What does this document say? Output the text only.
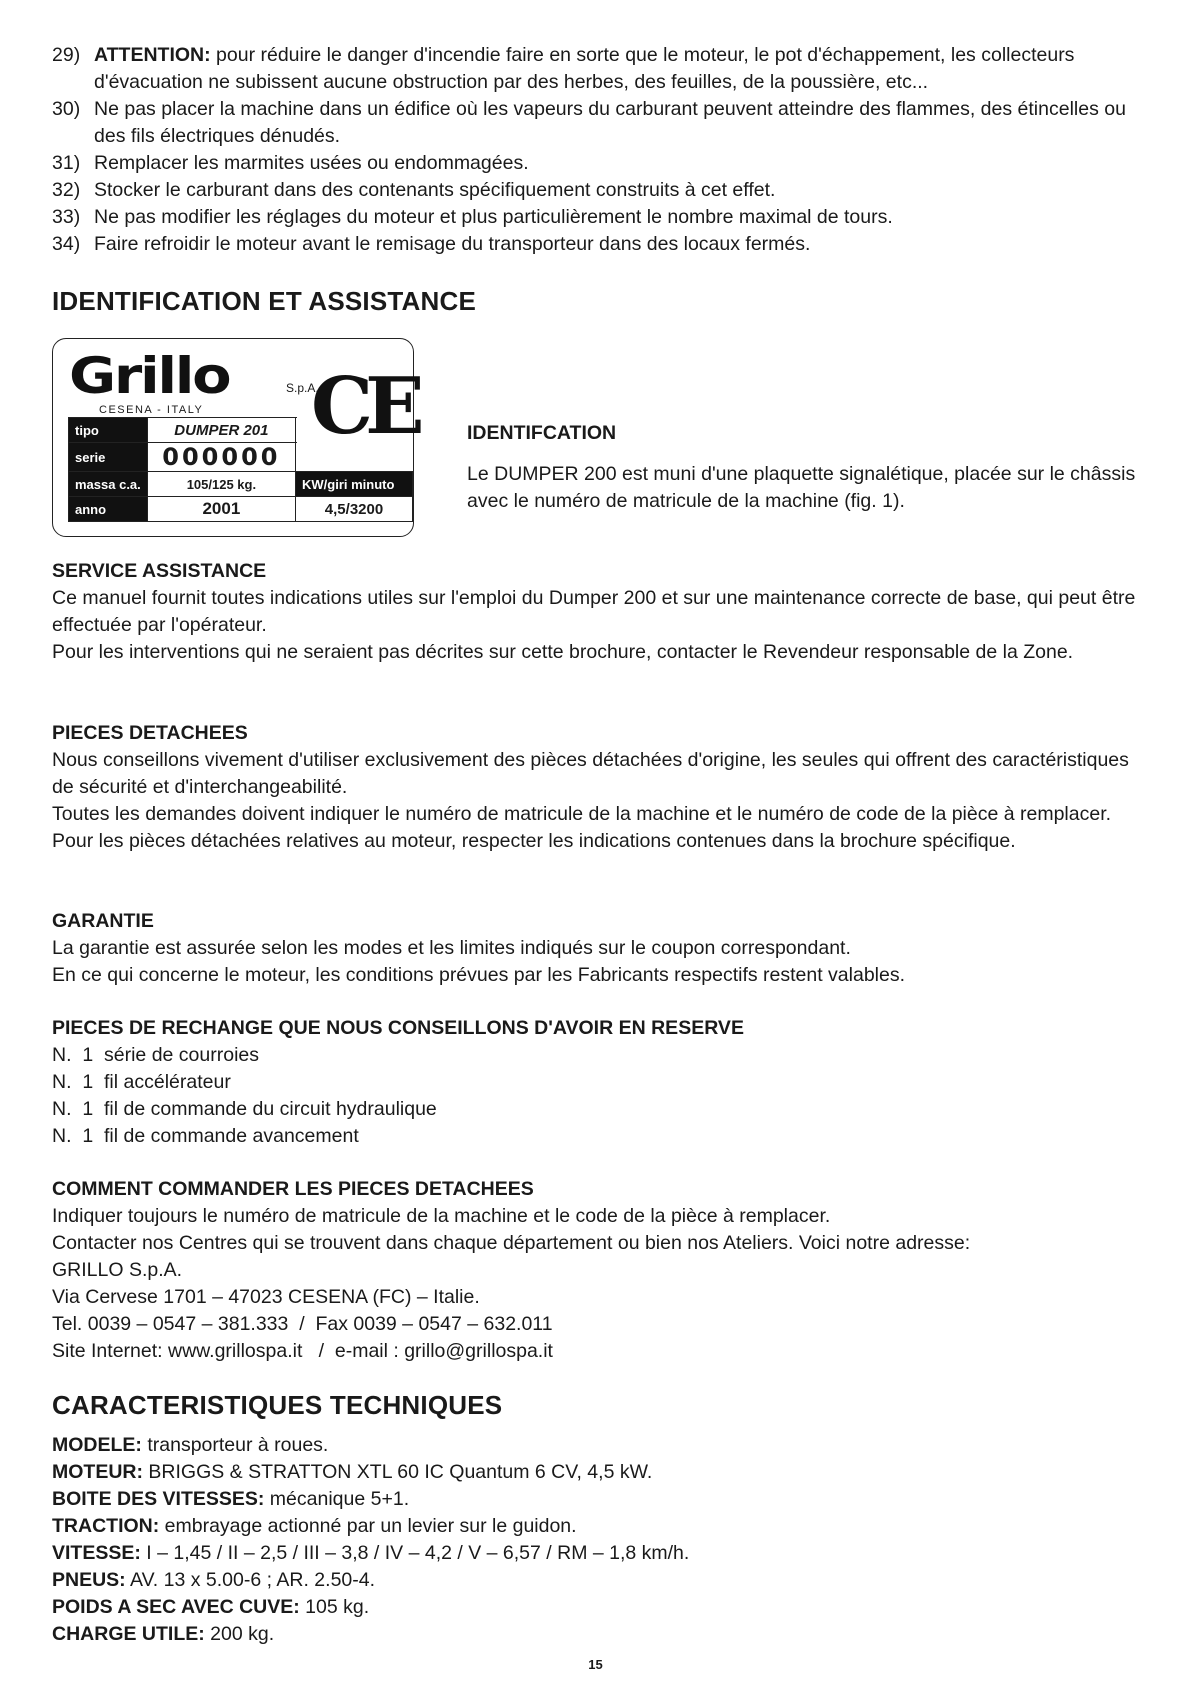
29) ATTENTION: pour réduire le danger d'incendie faire en sorte que le moteur, le pot d'échappement, les collecteurs d'évacuation ne subissent aucune obstruction par des herbes, des feuilles, de la poussière, etc...
30) Ne pas placer la machine dans un édifice où les vapeurs du carburant peuvent atteindre des flammes, des étincelles ou des fils électriques dénudés.
31) Remplacer les marmites usées ou endommagées.
32) Stocker le carburant dans des contenants spécifiquement construits à cet effet.
33) Ne pas modifier les réglages du moteur et plus particulièrement le nombre maximal de tours.
34) Faire refroidir le moteur avant le remisage du transporteur dans des locaux fermés.
IDENTIFICATION ET ASSISTANCE
Grillo	S.p.A.
CESENA - ITALY CE
tipo	DUMPER 201	
serie	000000	
massa c.a.	105/125 kg.	KW/giri minuto
anno	2001	4,5/3200

IDENTIFCATION

Le DUMPER 200 est muni d'une plaquette signalétique, placée sur le châssis avec le numéro de matricule de la machine (fig. 1).

SERVICE ASSISTANCE

Ce manuel fournit toutes indications utiles sur l'emploi du Dumper 200 et sur une maintenance correcte de base, qui peut être effectuée par l'opérateur.

Pour les interventions qui ne seraient pas décrites sur cette brochure, contacter le Revendeur responsable de la Zone.

PIECES DETACHEES

Nous conseillons vivement d'utiliser exclusivement des pièces détachées d'origine, les seules qui offrent des caractéristiques de sécurité et d'interchangeabilité.

Toutes les demandes doivent indiquer le numéro de matricule de la machine et le numéro de code de la pièce à remplacer.

Pour les pièces détachées relatives au moteur, respecter les indications contenues dans la brochure spécifique.

GARANTIE

La garantie est assurée selon les modes et les limites indiqués sur le coupon correspondant.

En ce qui concerne le moteur, les conditions prévues par les Fabricants respectifs restent valables.

PIECES DE RECHANGE QUE NOUS CONSEILLONS D'AVOIR EN RESERVE

N.  1  série de courroies

N.  1  fil accélérateur

N.  1  fil de commande du circuit hydraulique

N.  1  fil de commande avancement

COMMENT COMMANDER LES PIECES DETACHEES

Indiquer toujours le numéro de matricule de la machine et le code de la pièce à remplacer.

Contacter nos Centres qui se trouvent dans chaque département ou bien nos Ateliers. Voici notre adresse:

GRILLO S.p.A.

Via Cervese 1701 – 47023 CESENA (FC) – Italie.

Tel. 0039 – 0547 – 381.333  /  Fax 0039 – 0547 – 632.011

Site Internet: www.grillospa.it   /  e-mail : grillo@grillospa.it

CARACTERISTIQUES TECHNIQUES

MODELE: transporteur à roues.

MOTEUR: BRIGGS & STRATTON XTL 60 IC Quantum 6 CV, 4,5 kW.

BOITE DES VITESSES: mécanique 5+1.

TRACTION: embrayage actionné par un levier sur le guidon.

VITESSE: I – 1,45 / II – 2,5 / III – 3,8 / IV – 4,2 / V – 6,57 / RM – 1,8 km/h.

PNEUS: AV. 13 x 5.00-6 ; AR. 2.50-4.

POIDS A SEC AVEC CUVE: 105 kg.

CHARGE UTILE: 200 kg.

15
